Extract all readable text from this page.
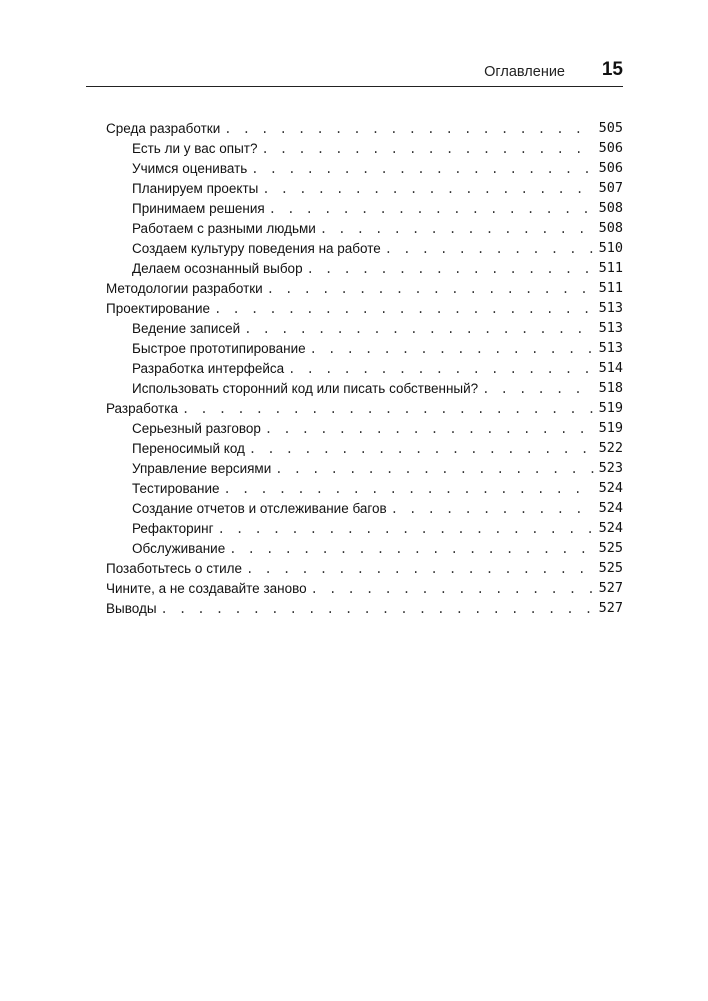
Оглавление 15
Среда разработки . . .	505
Есть ли у вас опыт? . . .	506
Учимся оценивать . . .	506
Планируем проекты . . .	507
Принимаем решения . . .	508
Работаем с разными людьми . . .	508
Создаем культуру поведения на работе . . .	510
Делаем осознанный выбор . . .	511
Методологии разработки . . .	511
Проектирование . . .	513
Ведение записей . . .	513
Быстрое прототипирование . . .	513
Разработка интерфейса . . .	514
Использовать сторонний код или писать собственный? . . .	518
Разработка . . .	519
Серьезный разговор . . .	519
Переносимый код . . .	522
Управление версиями . . .	523
Тестирование . . .	524
Создание отчетов и отслеживание багов . . .	524
Рефакторинг . . .	524
Обслуживание . . .	525
Позаботьтесь о стиле . . .	525
Чините, а не создавайте заново . . .	527
Выводы . . .	527
